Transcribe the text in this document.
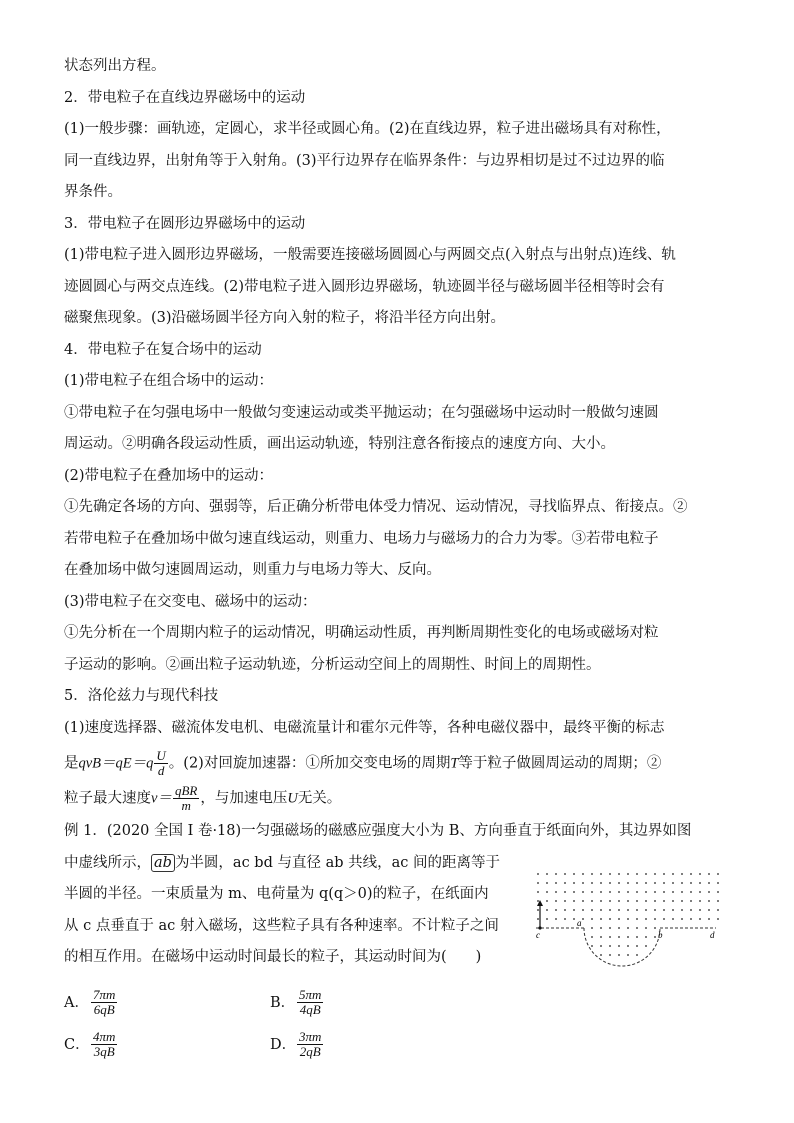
状态列出方程。
2．带电粒子在直线边界磁场中的运动
(1)一般步骤：画轨迹，定圆心，求半径或圆心角。(2)在直线边界，粒子进出磁场具有对称性，
同一直线边界，出射角等于入射角。(3)平行边界存在临界条件：与边界相切是过不过边界的临
界条件。
3．带电粒子在圆形边界磁场中的运动
(1)带电粒子进入圆形边界磁场，一般需要连接磁场圆圆心与两圆交点(入射点与出射点)连线、轨
迹圆圆心与两交点连线。(2)带电粒子进入圆形边界磁场，轨迹圆半径与磁场圆半径相等时会有
磁聚焦现象。(3)沿磁场圆半径方向入射的粒子，将沿半径方向出射。
4．带电粒子在复合场中的运动
(1)带电粒子在组合场中的运动：
①带电粒子在匀强电场中一般做匀变速运动或类平抛运动；在匀强磁场中运动时一般做匀速圆
周运动。②明确各段运动性质，画出运动轨迹，特别注意各衔接点的速度方向、大小。
(2)带电粒子在叠加场中的运动：
①先确定各场的方向、强弱等，后正确分析带电体受力情况、运动情况，寻找临界点、衔接点。②
若带电粒子在叠加场中做匀速直线运动，则重力、电场力与磁场力的合力为零。③若带电粒子
在叠加场中做匀速圆周运动，则重力与电场力等大、反向。
(3)带电粒子在交变电、磁场中的运动：
①先分析在一个周期内粒子的运动情况，明确运动性质，再判断周期性变化的电场或磁场对粒
子运动的影响。②画出粒子运动轨迹，分析运动空间上的周期性、时间上的周期性。
5．洛伦兹力与现代科技
(1)速度选择器、磁流体发电机、电磁流量计和霍尔元件等，各种电磁仪器中，最终平衡的标志
是$qvB=qE=q \frac{U}{d}$ 。(2)对回旋加速器：①所加交变电场的周期T等于粒子做圆周运动的周期；②
粒子最大速度$v= \frac{\text{qBR}}{m}$ ，与加速电压U无关。
例 1．(2020 全国 I 卷·18)一匀强磁场的磁感应强度大小为 B、方向垂直于纸面向外，其边界如图
中虚线所示， ab 为半圆，ac bd 与直径 ab 共线，ac 间的距离等于
半圆的半径。一束质量为 m、电荷量为 q(q＞0)的粒子，在纸面内
从 c 点垂直于 ac 射入磁场，这些粒子具有各种速率。不计粒子之间
的相互作用。在磁场中运动时间最长的粒子，其运动时间为(　　)
A． $\frac{7\pi m}{6qB}$	B． $\frac{5\pi m}{4qB}$
C． $\frac{4\pi m}{3qB}$	D． $\frac{3\pi m}{2qB}$
c
a
b	d
